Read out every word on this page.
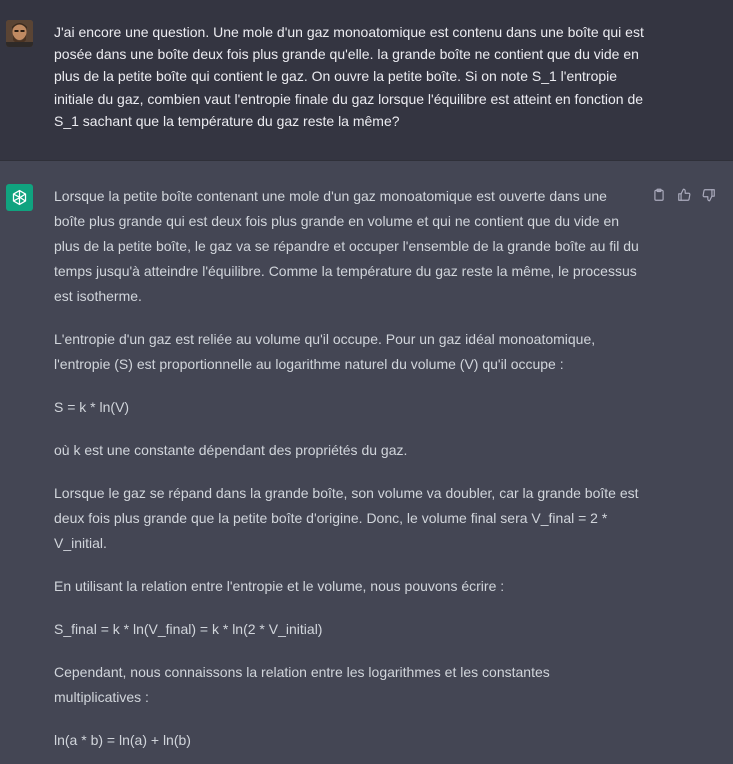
J'ai encore une question. Une mole d'un gaz monoatomique est contenu dans une boîte qui est posée dans une boîte deux fois plus grande qu'elle. la grande boîte ne contient que du vide en plus de la petite boîte qui contient le gaz. On ouvre la petite boîte. Si on note S_1 l'entropie initiale du gaz, combien vaut l'entropie finale du gaz lorsque l'équilibre est atteint en fonction de S_1 sachant que la température du gaz reste la même?

Lorsque la petite boîte contenant une mole d'un gaz monoatomique est ouverte dans une boîte plus grande qui est deux fois plus grande en volume et qui ne contient que du vide en plus de la petite boîte, le gaz va se répandre et occuper l'ensemble de la grande boîte au fil du temps jusqu'à atteindre l'équilibre. Comme la température du gaz reste la même, le processus est isotherme.

L'entropie d'un gaz est reliée au volume qu'il occupe. Pour un gaz idéal monoatomique, l'entropie (S) est proportionnelle au logarithme naturel du volume (V) qu'il occupe :

S = k * ln(V)

où k est une constante dépendant des propriétés du gaz.

Lorsque le gaz se répand dans la grande boîte, son volume va doubler, car la grande boîte est deux fois plus grande que la petite boîte d'origine. Donc, le volume final sera V_final = 2 * V_initial.

En utilisant la relation entre l'entropie et le volume, nous pouvons écrire :

S_final = k * ln(V_final) = k * ln(2 * V_initial)

Cependant, nous connaissons la relation entre les logarithmes et les constantes multiplicatives :

ln(a * b) = ln(a) + ln(b)
